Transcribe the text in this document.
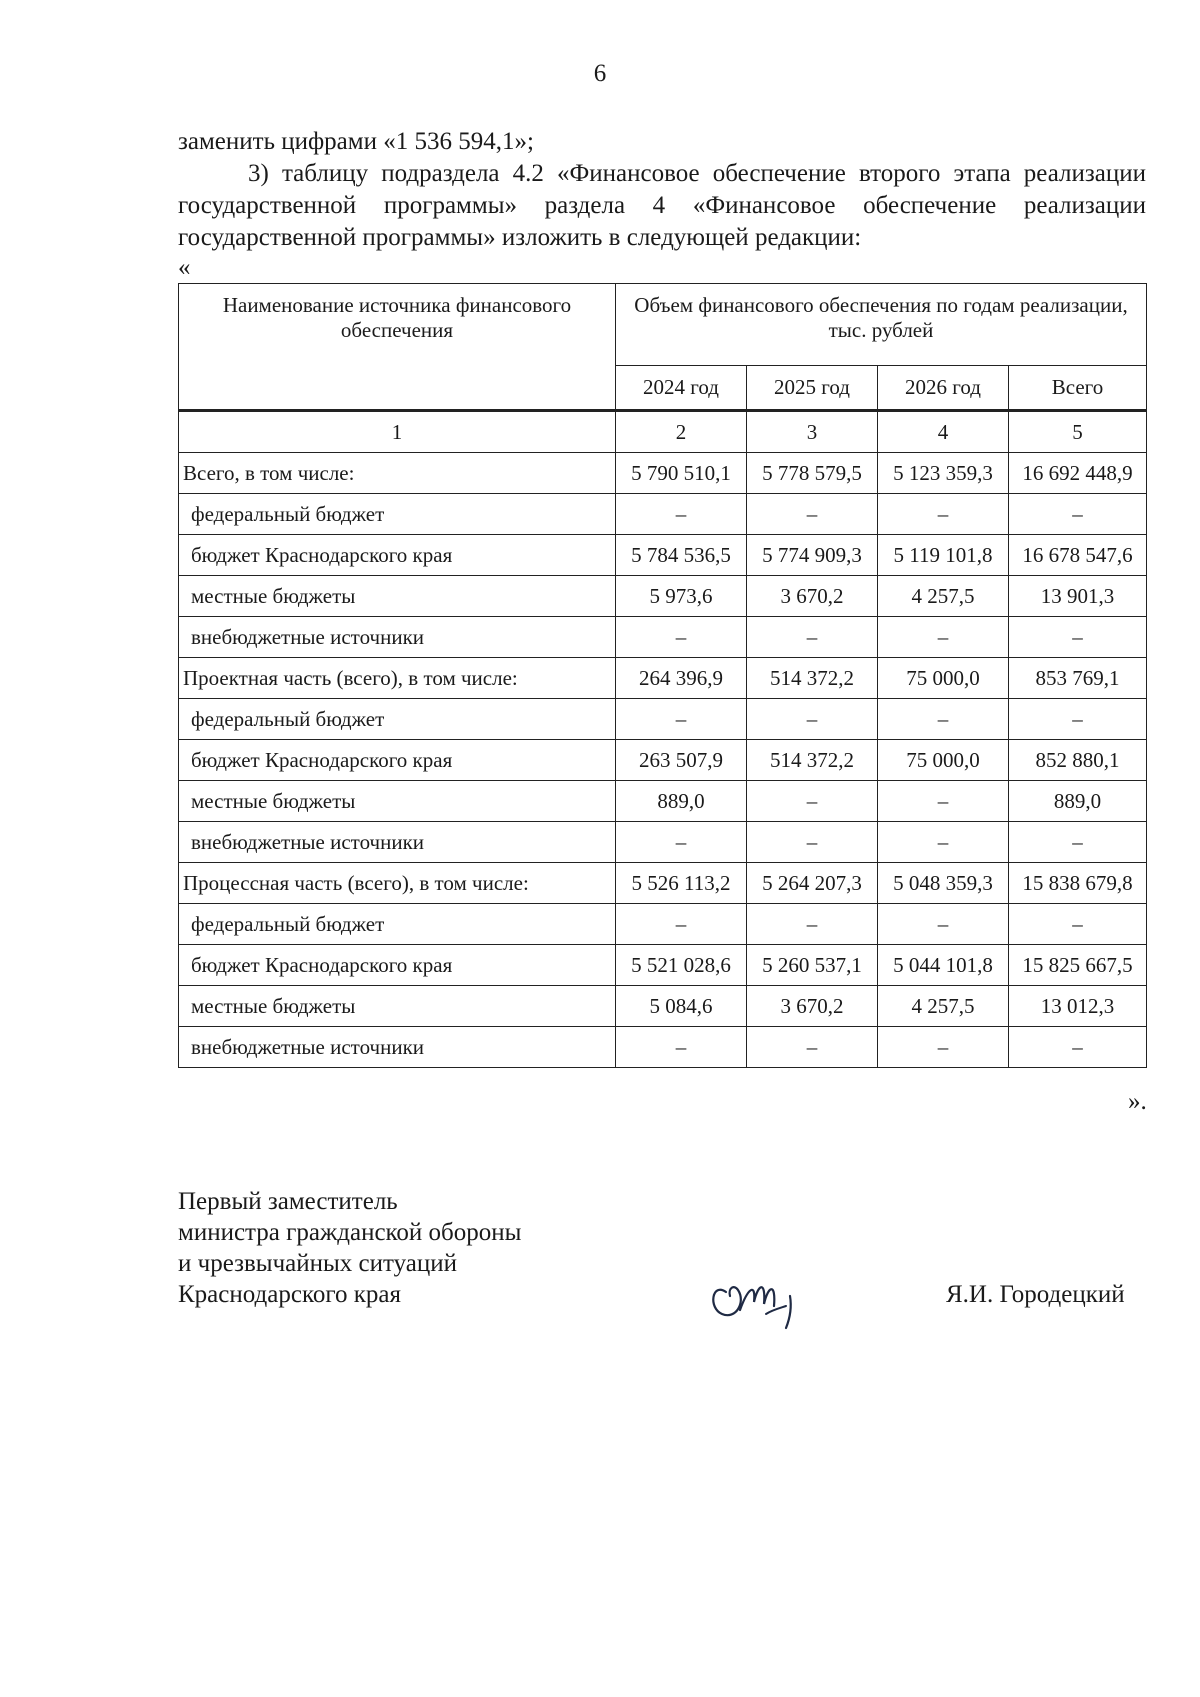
6
заменить цифрами «1 536 594,1»;
3) таблицу подраздела 4.2 «Финансовое обеспечение второго этапа реализации государственной программы» раздела 4 «Финансовое обеспечение реализации государственной программы» изложить в следующей редакции:
«
Наименование источника финансового обеспечения	Объем финансового обеспечения по годам реализации, тыс. рублей			
	2024 год	2025 год	2026 год	Всего
1	2	3	4	5
Всего, в том числе:	5 790 510,1	5 778 579,5	5 123 359,3	16 692 448,9
федеральный бюджет	–	–	–	–
бюджет Краснодарского края	5 784 536,5	5 774 909,3	5 119 101,8	16 678 547,6
местные бюджеты	5 973,6	3 670,2	4 257,5	13 901,3
внебюджетные источники	–	–	–	–
Проектная часть (всего), в том числе:	264 396,9	514 372,2	75 000,0	853 769,1
федеральный бюджет	–	–	–	–
бюджет Краснодарского края	263 507,9	514 372,2	75 000,0	852 880,1
местные бюджеты	889,0	–	–	889,0
внебюджетные источники	–	–	–	–
Процессная часть (всего), в том числе:	5 526 113,2	5 264 207,3	5 048 359,3	15 838 679,8
федеральный бюджет	–	–	–	–
бюджет Краснодарского края	5 521 028,6	5 260 537,1	5 044 101,8	15 825 667,5
местные бюджеты	5 084,6	3 670,2	4 257,5	13 012,3
внебюджетные источники	–	–	–	–
».
Первый заместитель
министра гражданской обороны
и чрезвычайных ситуаций
Краснодарского края	Я.И. Городецкий
